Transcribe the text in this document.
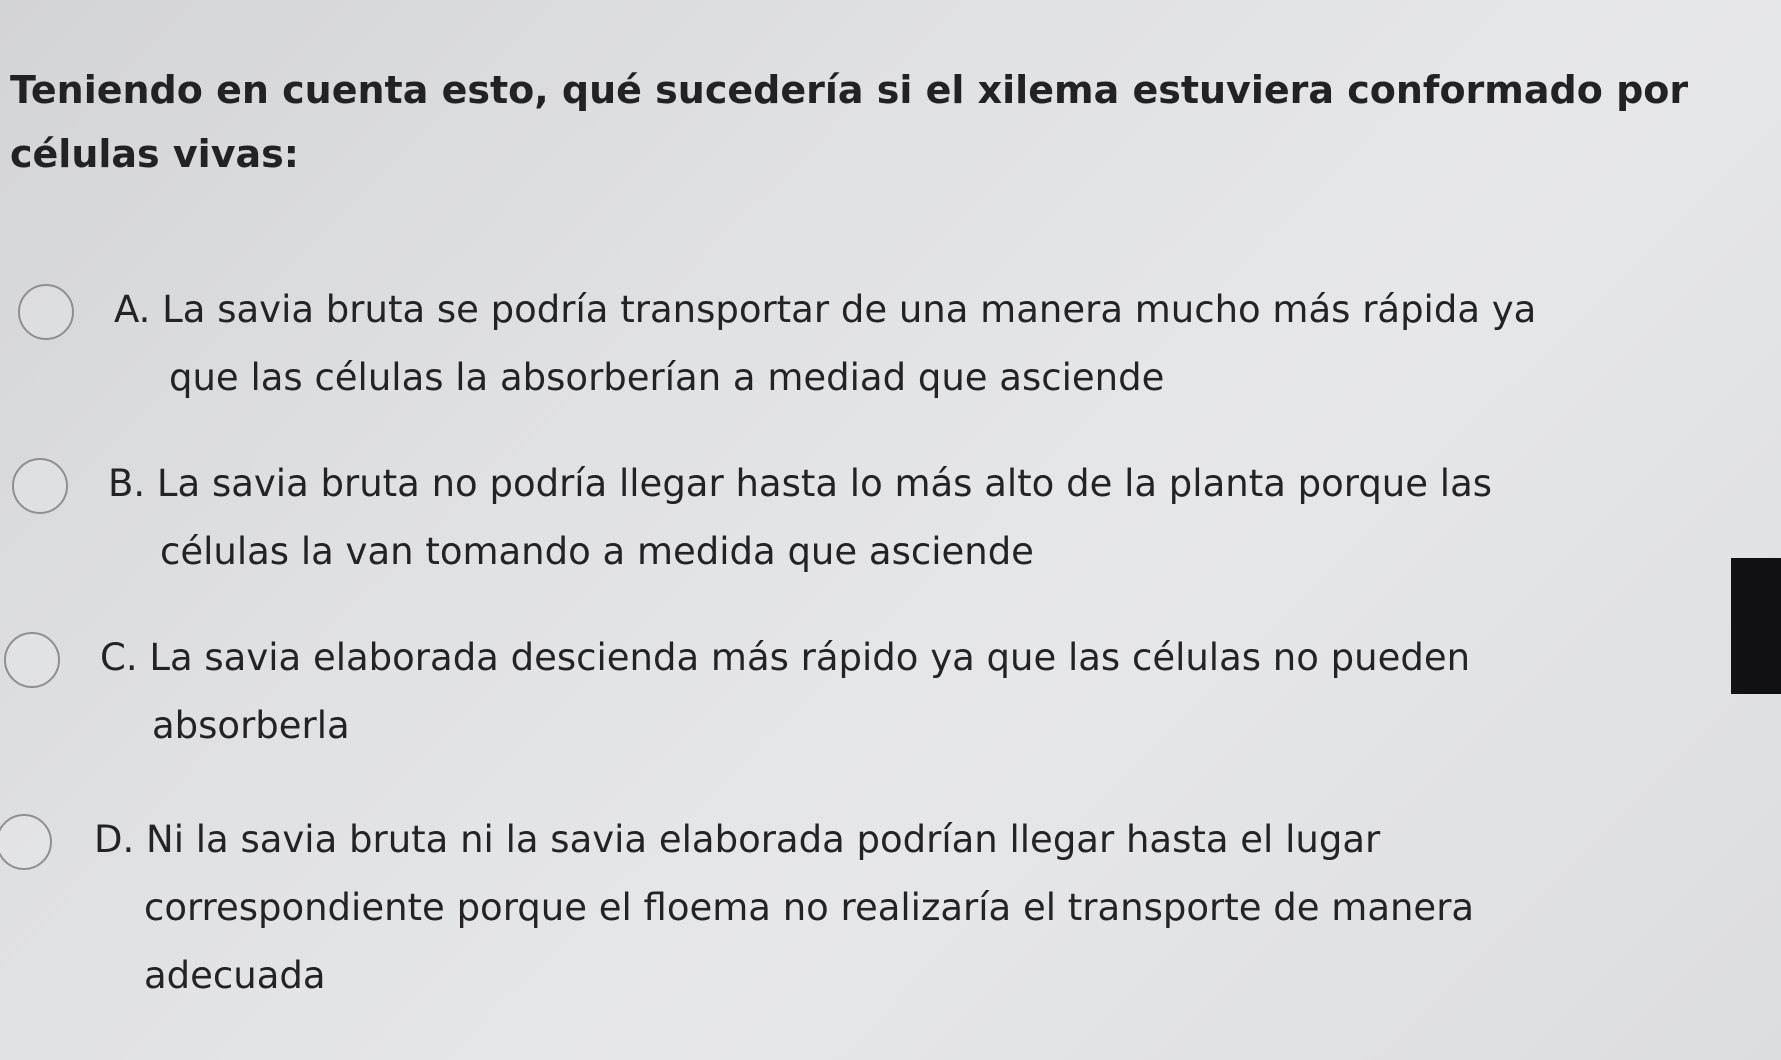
Teniendo en cuenta esto, qué sucedería si el xilema estuviera conformado por
células vivas:
A. La savia bruta se podría transportar de una manera mucho más rápida ya
que las células la absorberían a mediad que asciende
B. La savia bruta no podría llegar hasta lo más alto de la planta porque las
células la van tomando a medida que asciende
C. La savia elaborada descienda más rápido ya que las células no pueden
absorberla
D. Ni la savia bruta ni la savia elaborada podrían llegar hasta el lugar
correspondiente porque el floema no realizaría el transporte de manera
adecuada
